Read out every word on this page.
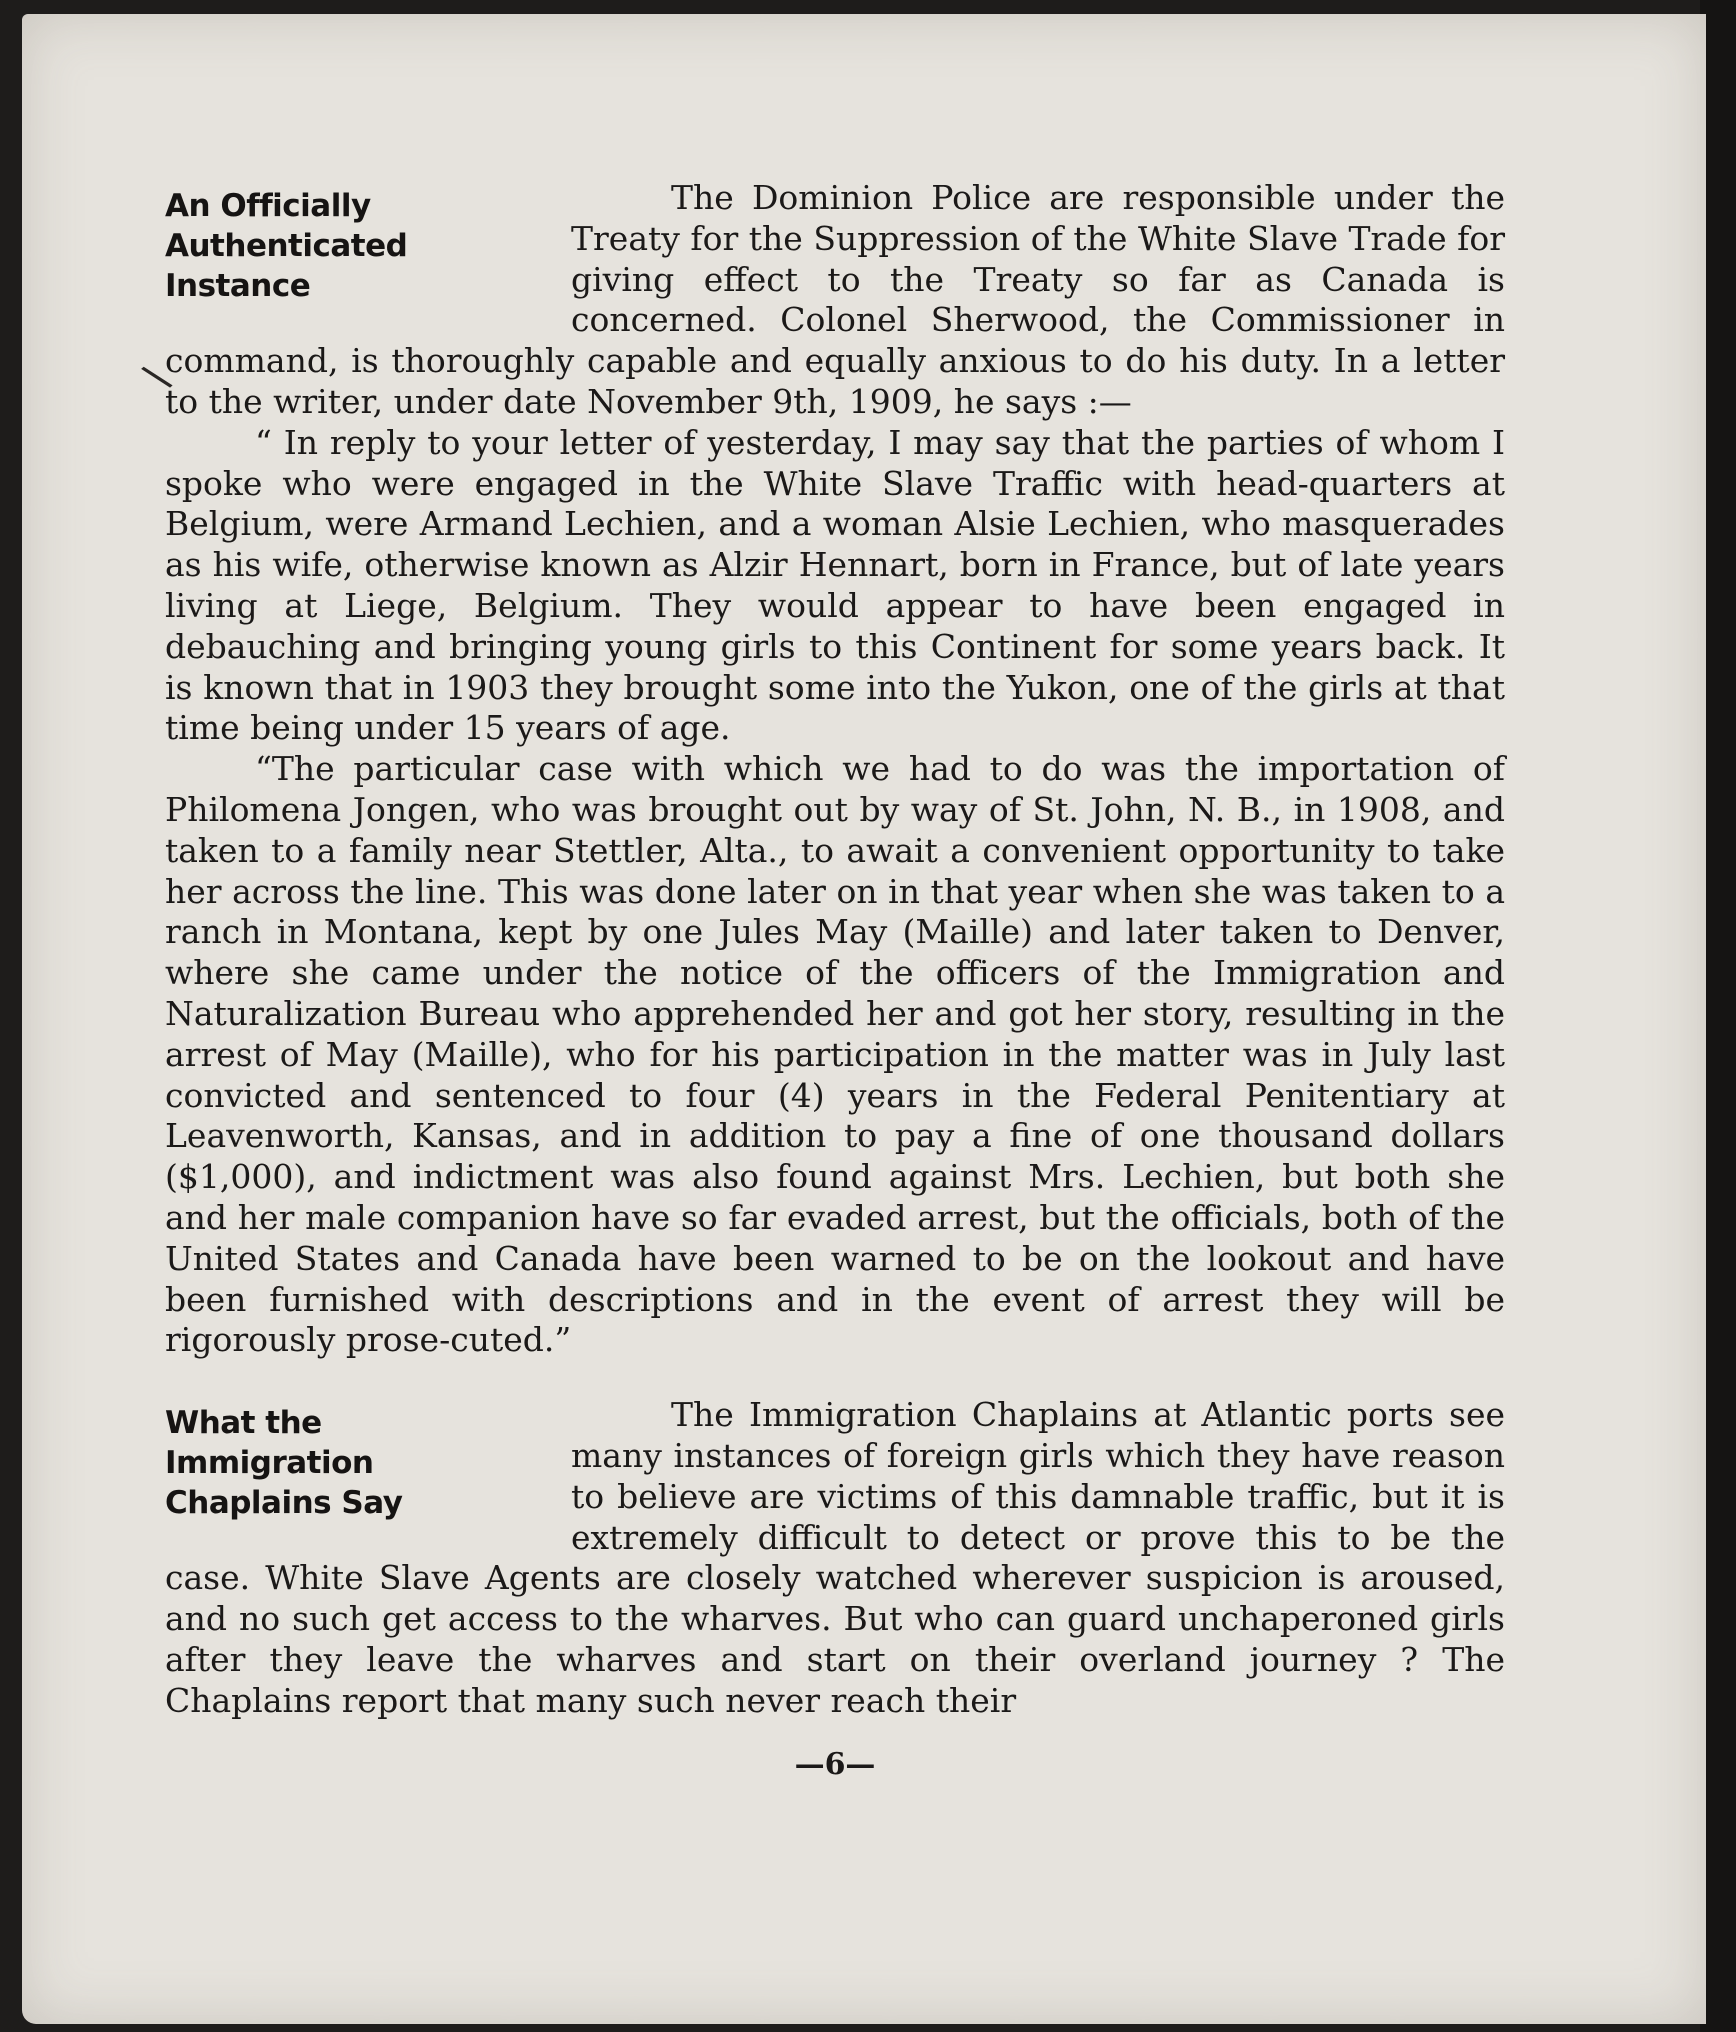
\
An Officially
Authenticated
Instance

The Dominion Police are responsible under the Treaty for the Suppression of the White Slave Trade for giving effect to the Treaty so far as Canada is concerned. Colonel Sherwood, the Commissioner in command, is thoroughly capable and equally anxious to do his duty. In a letter to the writer, under date November 9th, 1909, he says :—

“ In reply to your letter of yesterday, I may say that the parties of whom I spoke who were engaged in the White Slave Traffic with head-quarters at Belgium, were Armand Lechien, and a woman Alsie Lechien, who masquerades as his wife, otherwise known as Alzir Hennart, born in France, but of late years living at Liege, Belgium. They would appear to have been engaged in debauching and bringing young girls to this Continent for some years back. It is known that in 1903 they brought some into the Yukon, one of the girls at that time being under 15 years of age.

“The particular case with which we had to do was the importation of Philomena Jongen, who was brought out by way of St. John, N. B., in 1908, and taken to a family near Stettler, Alta., to await a convenient opportunity to take her across the line. This was done later on in that year when she was taken to a ranch in Montana, kept by one Jules May (Maille) and later taken to Denver, where she came under the notice of the officers of the Immigration and Naturalization Bureau who apprehended her and got her story, resulting in the arrest of May (Maille), who for his participation in the matter was in July last convicted and sentenced to four (4) years in the Federal Penitentiary at Leavenworth, Kansas, and in addition to pay a fine of one thousand dollars ($1,000), and indictment was also found against Mrs. Lechien, but both she and her male companion have so far evaded arrest, but the officials, both of the United States and Canada have been warned to be on the lookout and have been furnished with descriptions and in the event of arrest they will be rigorously prose-cuted.”

What the
Immigration
Chaplains Say

The Immigration Chaplains at Atlantic ports see many instances of foreign girls which they have reason to believe are victims of this damnable traffic, but it is extremely difficult to detect or prove this to be the case. White Slave Agents are closely watched wherever suspicion is aroused, and no such get access to the wharves. But who can guard unchaperoned girls after they leave the wharves and start on their overland journey ? The Chaplains report that many such never reach their

—6—
